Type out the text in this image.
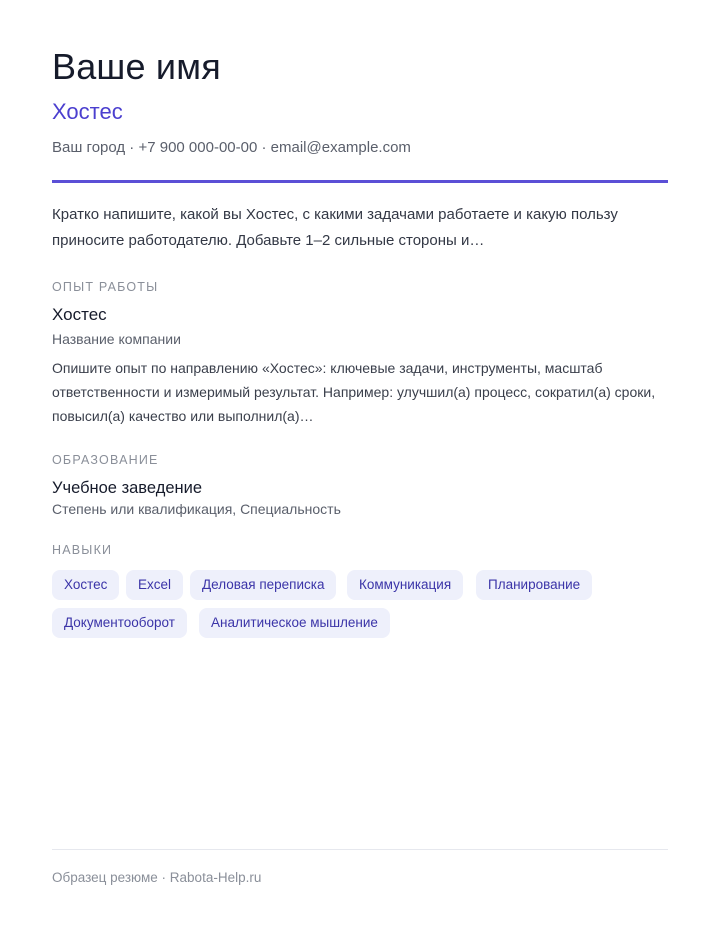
Ваше имя
Хостес
Ваш город · +7 900 000-00-00 · email@example.com
Кратко напишите, какой вы Хостес, с какими задачами работаете и какую пользу приносите работодателю. Добавьте 1–2 сильные стороны и…
ОПЫТ РАБОТЫ
Хостес
Название компании
Опишите опыт по направлению «Хостес»: ключевые задачи, инструменты, масштаб ответственности и измеримый результат. Например: улучшил(а) процесс, сократил(а) сроки, повысил(а) качество или выполнил(а)…
ОБРАЗОВАНИЕ
Учебное заведение
Степень или квалификация, Специальность
НАВЫКИ
Хостес	Excel	Деловая переписка	Коммуникация	Планирование
Документооборот	Аналитическое мышление
Образец резюме · Rabota-Help.ru
